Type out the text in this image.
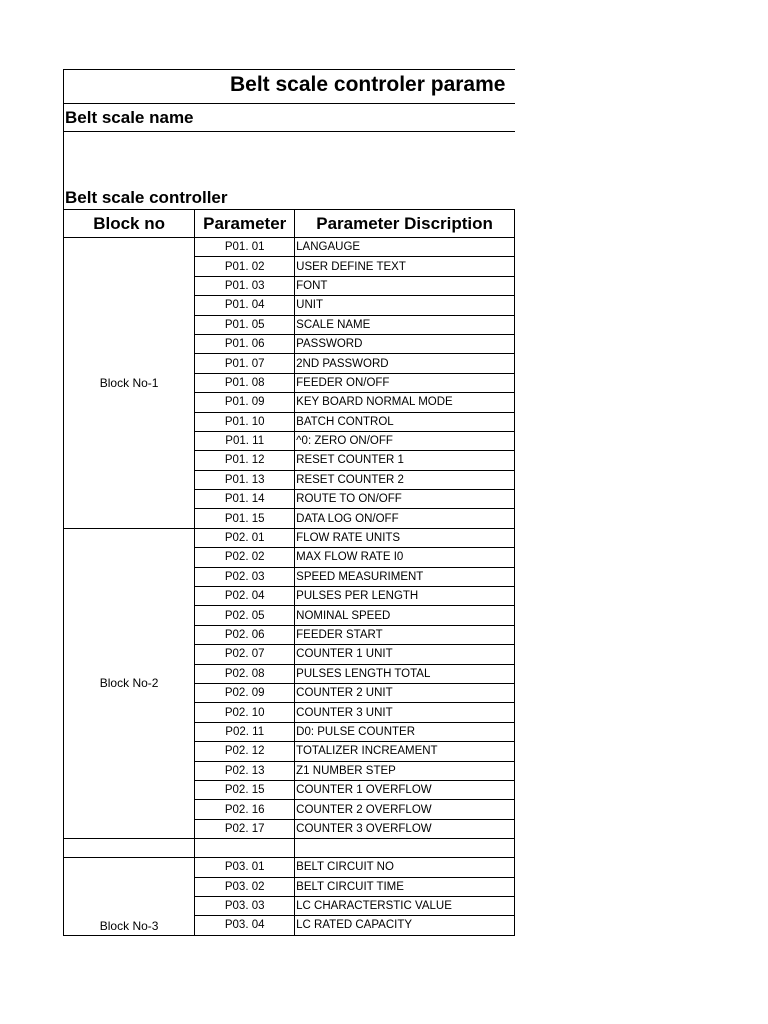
Belt scale controler parame
Belt scale name
Belt scale controller
Block no	Parameter	Parameter Discription
Block No-1	P01. 01	LANGAUGE
	P01. 02	USER DEFINE TEXT
	P01. 03	FONT
	P01. 04	UNIT
	P01. 05	SCALE NAME
	P01. 06	PASSWORD
	P01. 07	2ND PASSWORD
	P01. 08	FEEDER ON/OFF
	P01. 09	KEY BOARD NORMAL MODE
	P01. 10	BATCH CONTROL
	P01. 11	^0: ZERO ON/OFF
	P01. 12	RESET COUNTER 1
	P01. 13	RESET COUNTER 2
	P01. 14	ROUTE TO ON/OFF
	P01. 15	DATA LOG ON/OFF
Block No-2	P02. 01	FLOW RATE UNITS
	P02. 02	MAX FLOW RATE I0
	P02. 03	SPEED MEASURIMENT
	P02. 04	PULSES PER LENGTH
	P02. 05	NOMINAL SPEED
	P02. 06	FEEDER START
	P02. 07	COUNTER 1 UNIT
	P02. 08	PULSES LENGTH TOTAL
	P02. 09	COUNTER 2 UNIT
	P02. 10	COUNTER 3 UNIT
	P02. 11	D0: PULSE COUNTER
	P02. 12	TOTALIZER INCREAMENT
	P02. 13	Z1 NUMBER STEP
	P02. 15	COUNTER 1 OVERFLOW
	P02. 16	COUNTER 2 OVERFLOW
	P02. 17	COUNTER 3 OVERFLOW

Block No-3	P03. 01	BELT CIRCUIT NO
	P03. 02	BELT CIRCUIT TIME
	P03. 03	LC CHARACTERSTIC VALUE
	P03. 04	LC RATED CAPACITY
